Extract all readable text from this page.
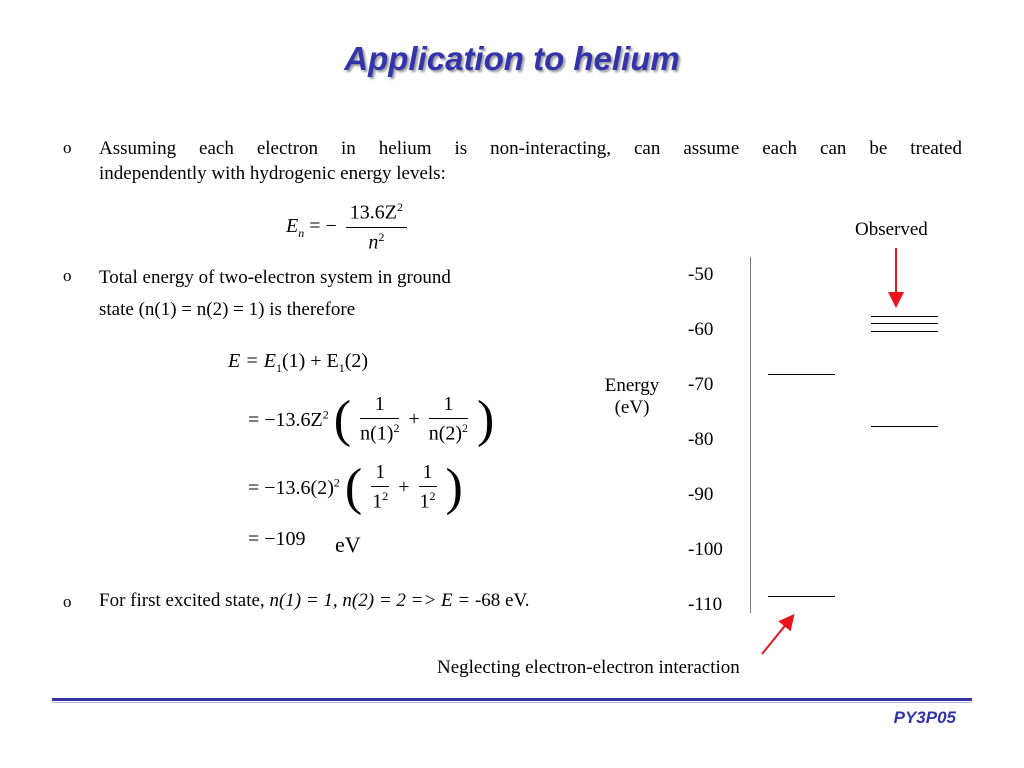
Application to helium
o Assuming each electron in helium is non-interacting, can assume each can be treated
independently with hydrogenic energy levels:
$E_n$ = − $\frac{13.6Z^2}{n^2}$
o Total energy of two-electron system in ground
state (n(1) = n(2) = 1) is therefore
$E = E_1(1) + E_1(2)$
= $-13.6Z^2$ ( $\frac{1}{n(1)^2} + \frac{1}{n(2)^2}$ )
= $-13.6(2)^2$ ( $\frac{1}{1^2} + \frac{1}{1^2}$ )
= −109 eV
o For first excited state, n(1) = 1, n(2) = 2 => E = -68 eV.
Energy
(eV)
-50
-60
-70
-80
-90
-100
-110
Observed
Neglecting electron-electron interaction
PY3P05
